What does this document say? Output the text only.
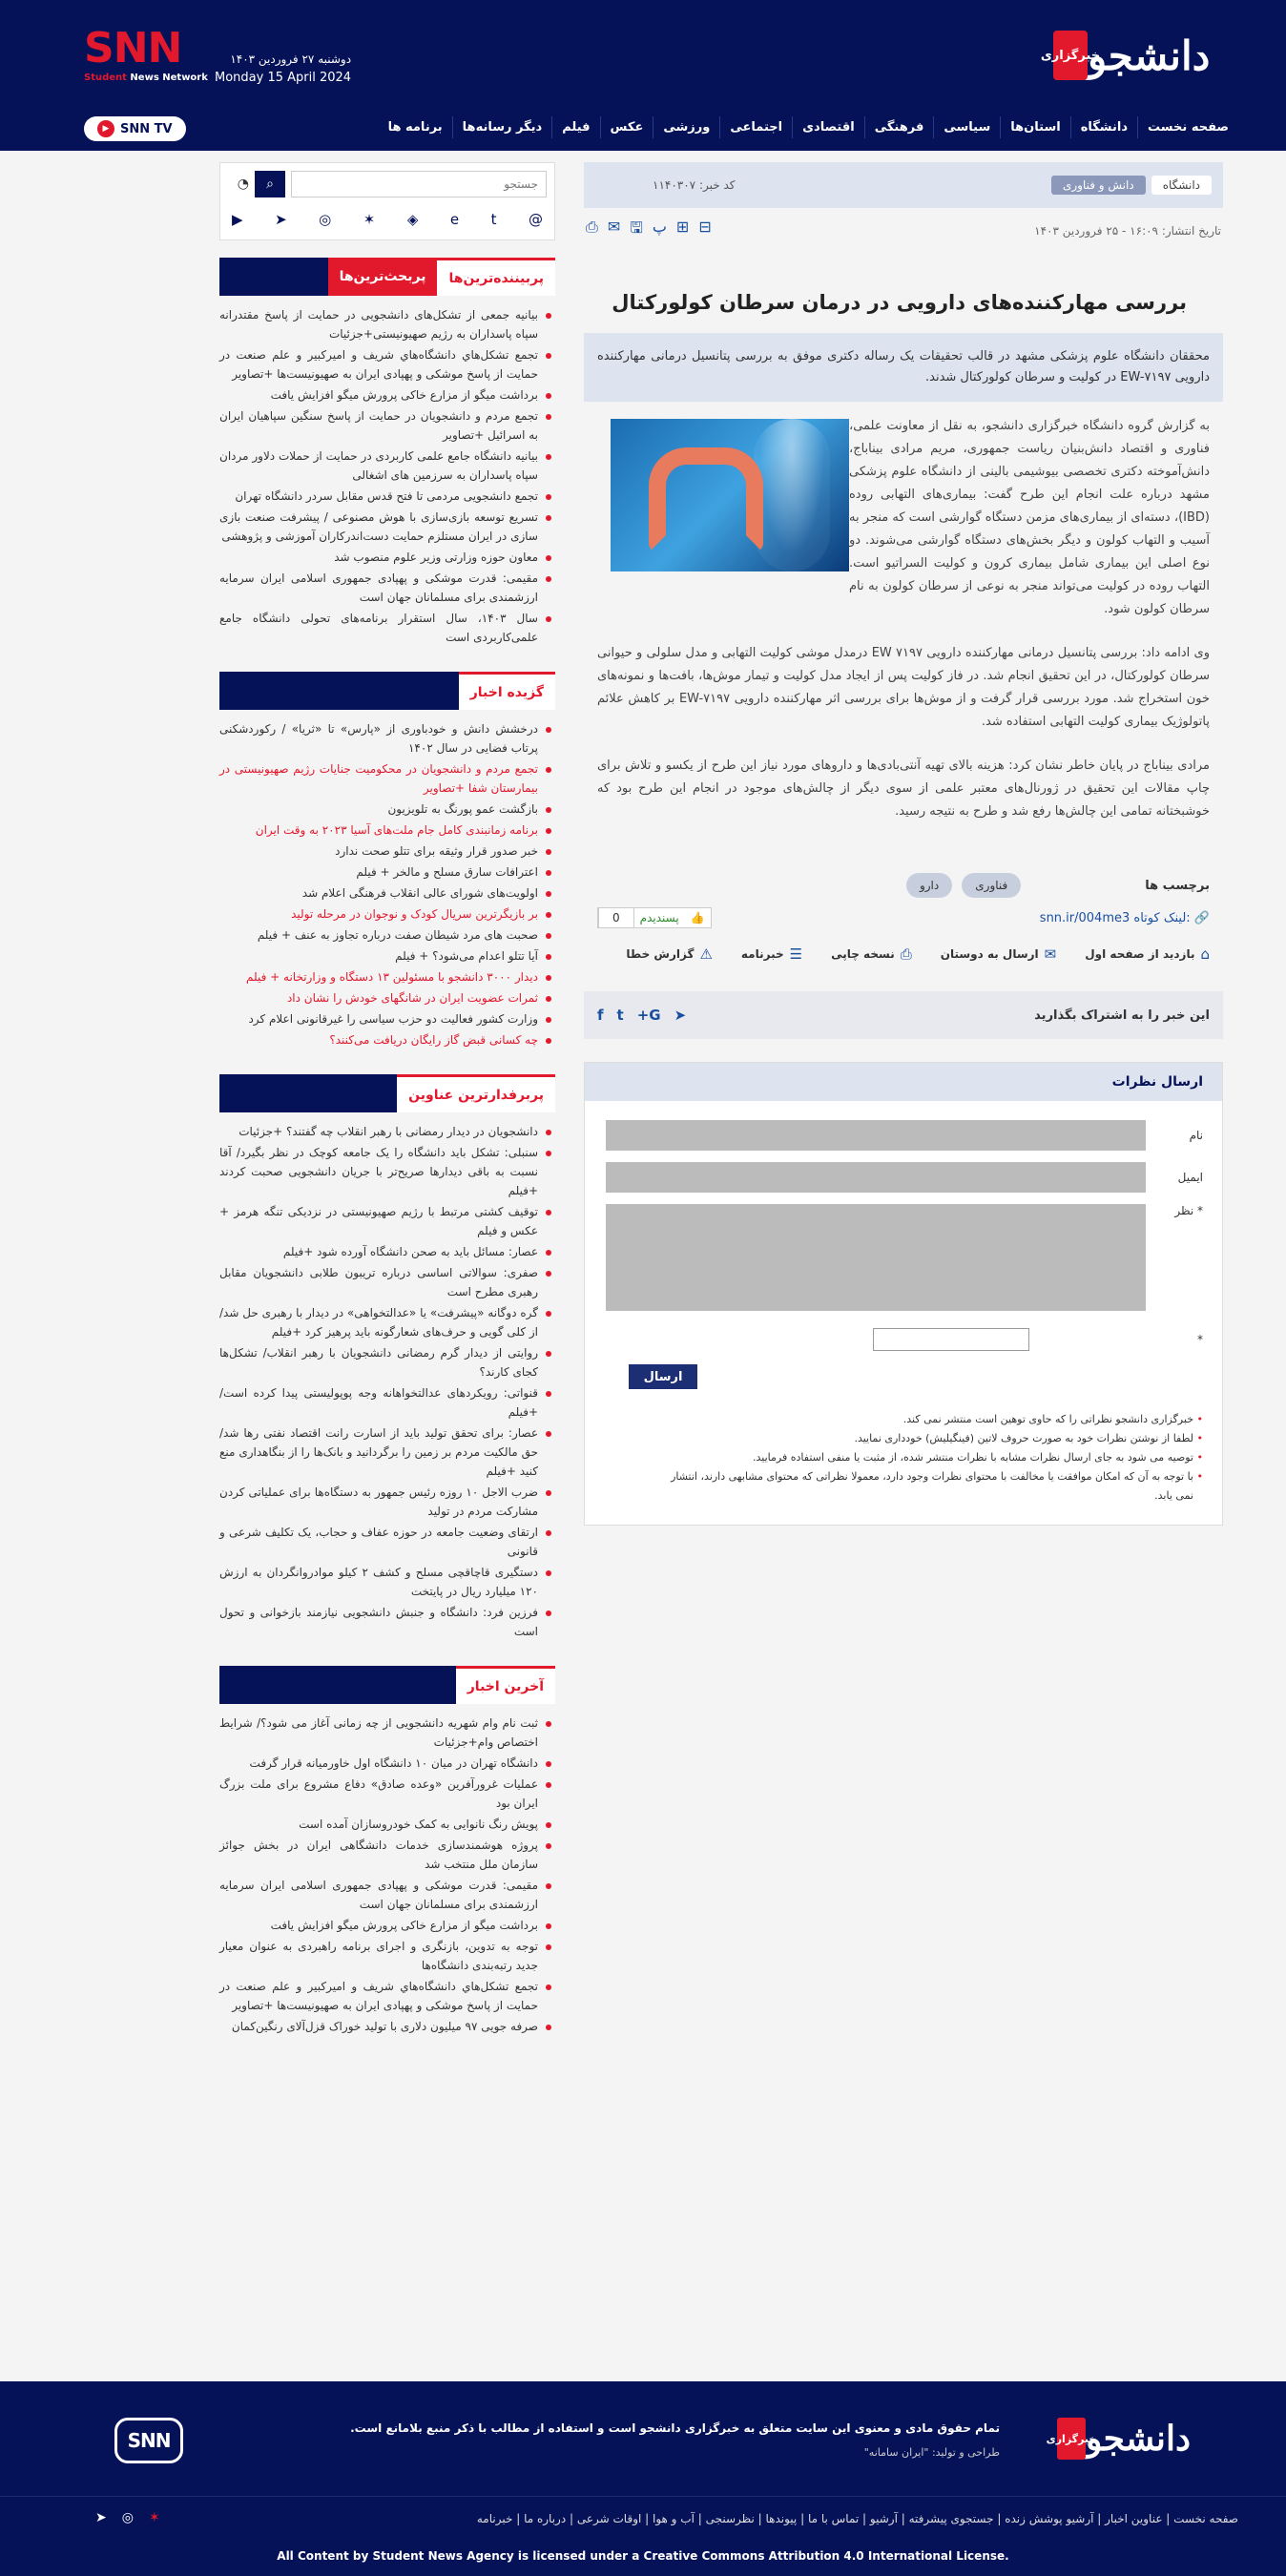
دانشجو
خبرگزاری
SNN
Student News Network
دوشنبه ۲۷ فروردین ۱۴۰۳
Monday 15 April 2024
▶ SNN TV	صفحه نخست
دانشگاه
استان‌ها
سیاسی
فرهنگی
اقتصادی
اجتماعی
ورزشی
عکس
فیلم
دیگر رسانه‌ها
برنامه ها
دانشگاه
دانش و فناوری
کد خبر: ۱۱۴۰۳۰۷
تاریخ انتشار: ۱۶:۰۹ - ۲۵ فروردین ۱۴۰۳
⊟
⊞
پ
🖫
✉
⎙
بررسی مهارکننده‌های دارویی در درمان سرطان کولورکتال
محققان دانشگاه علوم پزشکی مشهد در قالب تحقیقات یک رساله دکتری موفق به بررسی پتانسیل درمانی مهارکننده دارویی EW-۷۱۹۷ در کولیت و سرطان کولورکتال شدند.

به گزارش گروه دانشگاه خبرگزاری دانشجو، به نقل از معاونت علمی، فناوری و اقتصاد دانش‌بنیان ریاست جمهوری، مریم مرادی بیناباج، دانش‌آموخته دکتری تخصصی بیوشیمی بالینی از دانشگاه علوم پزشکی مشهد درباره علت انجام این طرح گفت: بیماری‌های التهابی روده (IBD)، دسته‌ای از بیماری‌های مزمن دستگاه گوارشی است که منجر به آسیب و التهاب کولون و دیگر بخش‌های دستگاه گوارشی می‌شوند. دو نوع اصلی این بیماری شامل بیماری کرون و کولیت السراتیو است. التهاب روده در کولیت می‌تواند منجر به نوعی از سرطان کولون به نام سرطان کولون شود.

وی ادامه داد: بررسی پتانسیل درمانی مهارکننده دارویی EW ۷۱۹۷ درمدل موشی کولیت التهابی و مدل سلولی و حیوانی سرطان کولورکتال، در این تحقیق انجام شد. در فاز کولیت پس از ایجاد مدل کولیت و تیمار موش‌ها، بافت‌ها و نمونه‌های خون استخراج شد. مورد بررسی قرار گرفت و از موش‌ها برای بررسی اثر مهارکننده دارویی EW-۷۱۹۷ بر کاهش علائم پاتولوژیک بیماری کولیت التهابی استفاده شد.

مرادی بیناباج در پایان خاطر نشان کرد: هزینه بالای تهیه آنتی‌بادی‌ها و داروهای مورد نیاز این طرح از یکسو و تلاش برای چاپ مقالات این تحقیق در ژورنال‌های معتبر علمی از سوی دیگر از چالش‌های موجود در انجام این طرح بود که خوشبختانه تمامی این چالش‌ها رفع شد و طرح به نتیجه رسید.

برچسب ها
فناوری
دارو
snn.ir/004me3 لینک کوتاه: 🔗
👍
پسندیدم
0
⌂
بازدید از صفحه اول
✉
ارسال به دوستان
⎙
نسخه چاپی
☰
خبرنامه
⚠
گزارش خطا
این خبر را به اشتراک بگذارید
➤
G+
t
f
ارسال نظرات
نام
ایمیل
* نظر
*
ارسال
• خبرگزاری دانشجو نظراتی را که حاوی توهین است منتشر نمی کند.
• لطفا از نوشتن نظرات خود به صورت حروف لاتین (فینگیلیش) خودداری نمایید.
• توصیه می شود به جای ارسال نظرات مشابه با نظرات منتشر شده، از مثبت یا منفی استفاده فرمایید.
• با توجه به آن که امکان موافقت یا مخالفت با محتوای نظرات وجود دارد، معمولا نظراتی که محتوای مشابهی دارند، انتشار نمی یابد.
جستجو
⌕
◔
@
t
e
◈
✶
◎
➤
▶
پربیننده‌ترین‌ها
پربحث‌ترین‌ها
بیانیه جمعی از تشکل‌های دانشجویی در حمایت از پاسخ مقتدرانه سپاه پاسداران به رژیم صهیونیستی+جزئیات
تجمع تشکل‌هاي دانشگاه‌هاي شریف و امیرکبیر و علم صنعت در حمایت از پاسخ موشکی و پهپادی ایران به صهیونیست‌ها +تصاویر
برداشت میگو از مزارع خاکی پرورش میگو افزایش یافت
تجمع مردم و دانشجویان در حمایت از پاسخ سنگین سپاهیان ایران به اسرائیل +تصاویر
بیانیه دانشگاه جامع علمی کاربردی در حمایت از حملات دلاور مردان سپاه پاسداران به سرزمین های اشغالی
تجمع دانشجویی مردمی تا فتح قدس مقابل سردر دانشگاه تهران
تسریع توسعه بازی‌سازی با هوش مصنوعی / پیشرفت صنعت بازی سازی در ایران مستلزم حمایت دست‌اندرکاران آموزشی و پژوهشی
معاون حوزه وزارتی وزیر علوم منصوب شد
مقیمی: قدرت موشکی و پهپادی جمهوری اسلامی ایران سرمایه ارزشمندی برای مسلمانان جهان است
سال ۱۴۰۳، سال استقرار برنامه‌های تحولی دانشگاه جامع علمی‌کاربردی است
گزیده اخبار
درخشش دانش و خودباوری از «پارس» تا «ثریا» / رکوردشکنی پرتاب فضایی در سال ۱۴۰۲
تجمع مردم و دانشجویان در محکومیت جنایات رژیم صهیونیستی در بیمارستان شفا +تصاویر
بازگشت عمو پورنگ به تلویزیون
برنامه زمانبندی کامل جام ملت‌های آسیا ۲۰۲۳ به وقت ایران
خبر صدور قرار وثیقه برای تتلو صحت ندارد
اعترافات سارق مسلح و مالخر + فیلم
اولویت‌های شورای عالی انقلاب فرهنگی اعلام شد
بر بازیگرترین سریال کودک و نوجوان در مرحله تولید
صحبت های مرد شیطان صفت درباره تجاوز به عنف + فیلم
آیا تتلو اعدام می‌شود؟ + فیلم
دیدار ۳۰۰۰ دانشجو با مسئولین ۱۳ دستگاه و وزارتخانه + فیلم
ثمرات عضویت ایران در شانگهای خودش را نشان داد
وزارت کشور فعالیت دو حزب سیاسی را غیرقانونی اعلام کرد
چه کسانی قبض گاز رایگان دریافت می‌کنند؟
پربرفدارترین عناوین
دانشجویان در دیدار رمضانی با رهبر انقلاب چه گفتند؟ +جزئیات
سنبلی: تشکل باید دانشگاه را یک جامعه کوچک در نظر بگیرد/ آقا نسبت به باقی دیدارها صریح‌تر با جریان دانشجویی صحبت کردند +فیلم
توقیف کشتی مرتبط با رژیم صهیونیستی در نزدیکی تنگه هرمز + عکس و فیلم
عصار: مسائل باید به صحن دانشگاه آورده شود +فیلم
صفری: سوالاتی اساسی درباره تریبون طلابی دانشجویان مقابل رهبری مطرح است
گره دوگانه «پیشرفت» یا «عدالتخواهی» در دیدار با رهبری حل شد/ از کلی گویی و حرف‌های شعارگونه باید پرهیز کرد +فیلم
روایتی از دیدار گرم رمضانی دانشجویان با رهبر انقلاب/ تشکل‌ها کجای کارند؟
قنواتی: رویکردهای عدالتخواهانه وجه پوپولیستی پیدا کرده است/ +فیلم
عصار: برای تحقق تولید باید از اسارت رانت اقتصاد نفتی رها شد/ حق مالکیت مردم بر زمین را برگردانید و بانک‌ها را از بنگاهداری منع کنید +فیلم
ضرب الاجل ۱۰ روزه رئیس جمهور به دستگاه‌ها برای عملیاتی کردن مشارکت مردم در تولید
ارتقای وضعیت جامعه در حوزه عفاف و حجاب، یک تکلیف شرعی و قانونی
دستگیری قاچاقچی مسلح و کشف ۲ کیلو موادروانگردان به ارزش ۱۲۰ میلیارد ریال در پایتخت
فرزین فرد: دانشگاه و جنبش دانشجویی نیازمند بازخوانی و تحول است
آخرین اخبار
ثبت نام وام شهریه دانشجویی از چه زمانی آغاز می شود؟/ شرایط اختصاص وام+جزئیات
دانشگاه تهران در میان ۱۰ دانشگاه اول خاورمیانه قرار گرفت
عملیات غرورآفرین «وعده صادق» دفاع مشروع برای ملت بزرگ ایران بود
پویش رنگ نانوایی به کمک خودروسازان آمده است
پروژه هوشمندسازی خدمات دانشگاهی ایران در بخش جوائز سازمان ملل منتخب شد
مقیمی: قدرت موشکی و پهپادی جمهوری اسلامی ایران سرمایه ارزشمندی برای مسلمانان جهان است
برداشت میگو از مزارع خاکی پرورش میگو افزایش یافت
توجه به تدوین، بازنگری و اجرای برنامه راهبردی به عنوان معیار جدید رتبه‌بندی دانشگاه‌ها
تجمع تشکل‌هاي دانشگاه‌هاي شریف و امیرکبیر و علم صنعت در حمایت از پاسخ موشکی و پهپادی ایران به صهیونیست‌ها +تصاویر
صرفه جویی ۹۷ میلیون دلاری با تولید خوراک قزل‌آلای رنگین‌کمان
دانشجو
خبرگزاری
تمام حقوق مادی و معنوی این سایت متعلق به خبرگزاری دانشجو است و استفاده از مطالب با ذکر منبع بلامانع است.
طراحی و تولید: "ایران سامانه"
SNN
صفحه نخست | عناوین اخبار | آرشیو پوشش زنده | جستجوی پیشرفته | آرشیو | تماس با ما | پیوندها | نظرسنجی | آب و هوا | اوقات شرعی | درباره ما | خبرنامه
✶
◎
➤
All Content by Student News Agency is licensed under a Creative Commons Attribution 4.0 International License.
